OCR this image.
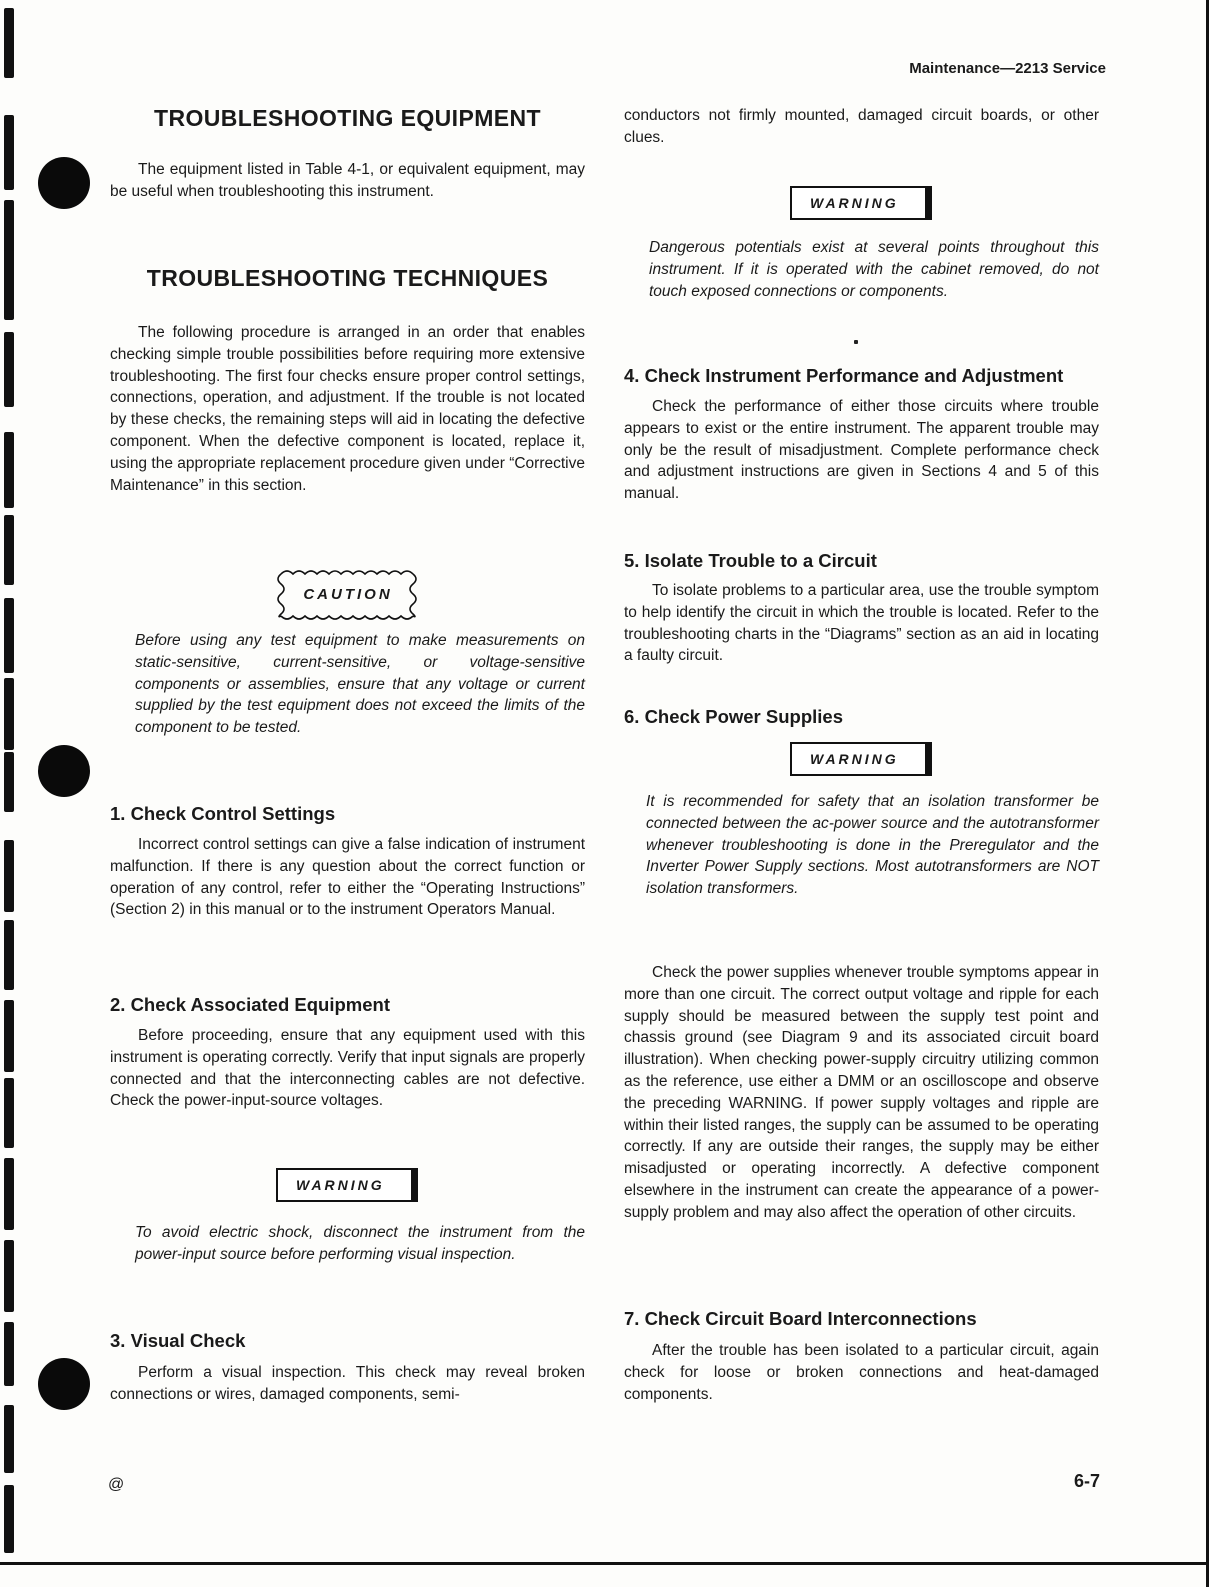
Maintenance—2213 Service
TROUBLESHOOTING EQUIPMENT

The equipment listed in Table 4-1, or equivalent equipment, may be useful when troubleshooting this instrument.

TROUBLESHOOTING TECHNIQUES

The following procedure is arranged in an order that enables checking simple trouble possibilities before requiring more extensive troubleshooting. The first four checks ensure proper control settings, connections, operation, and adjustment. If the trouble is not located by these checks, the remaining steps will aid in locating the defective component. When the defective component is located, replace it, using the appropriate replacement procedure given under “Corrective Maintenance” in this section.

CAUTION

Before using any test equipment to make measurements on static-sensitive, current-sensitive, or voltage-sensitive components or assemblies, ensure that any voltage or current supplied by the test equipment does not exceed the limits of the component to be tested.

1. Check Control Settings

Incorrect control settings can give a false indication of instrument malfunction. If there is any question about the correct function or operation of any control, refer to either the “Operating Instructions” (Section 2) in this manual or to the instrument Operators Manual.

2. Check Associated Equipment

Before proceeding, ensure that any equipment used with this instrument is operating correctly. Verify that input signals are properly connected and that the interconnecting cables are not defective. Check the power-input-source voltages.

WARNING

To avoid electric shock, disconnect the instrument from the power-input source before performing visual inspection.

3. Visual Check

Perform a visual inspection. This check may reveal broken connections or wires, damaged components, semi-

conductors not firmly mounted, damaged circuit boards, or other clues.

WARNING

Dangerous potentials exist at several points throughout this instrument. If it is operated with the cabinet removed, do not touch exposed connections or components.

4. Check Instrument Performance and Adjustment

Check the performance of either those circuits where trouble appears to exist or the entire instrument. The apparent trouble may only be the result of misadjustment. Complete performance check and adjustment instructions are given in Sections 4 and 5 of this manual.

5. Isolate Trouble to a Circuit

To isolate problems to a particular area, use the trouble symptom to help identify the circuit in which the trouble is located. Refer to the troubleshooting charts in the “Diagrams” section as an aid in locating a faulty circuit.

6. Check Power Supplies
WARNING

It is recommended for safety that an isolation transformer be connected between the ac-power source and the autotransformer whenever troubleshooting is done in the Preregulator and the Inverter Power Supply sections. Most autotransformers are NOT isolation transformers.

Check the power supplies whenever trouble symptoms appear in more than one circuit. The correct output voltage and ripple for each supply should be measured between the supply test point and chassis ground (see Diagram 9 and its associated circuit board illustration). When checking power-supply circuitry utilizing common as the reference, use either a DMM or an oscilloscope and observe the preceding WARNING. If power supply voltages and ripple are within their listed ranges, the supply can be assumed to be operating correctly. If any are outside their ranges, the supply may be either misadjusted or operating incorrectly. A defective component elsewhere in the instrument can create the appearance of a power-supply problem and may also affect the operation of other circuits.

7. Check Circuit Board Interconnections

After the trouble has been isolated to a particular circuit, again check for loose or broken connections and heat-damaged components.

@	6-7
